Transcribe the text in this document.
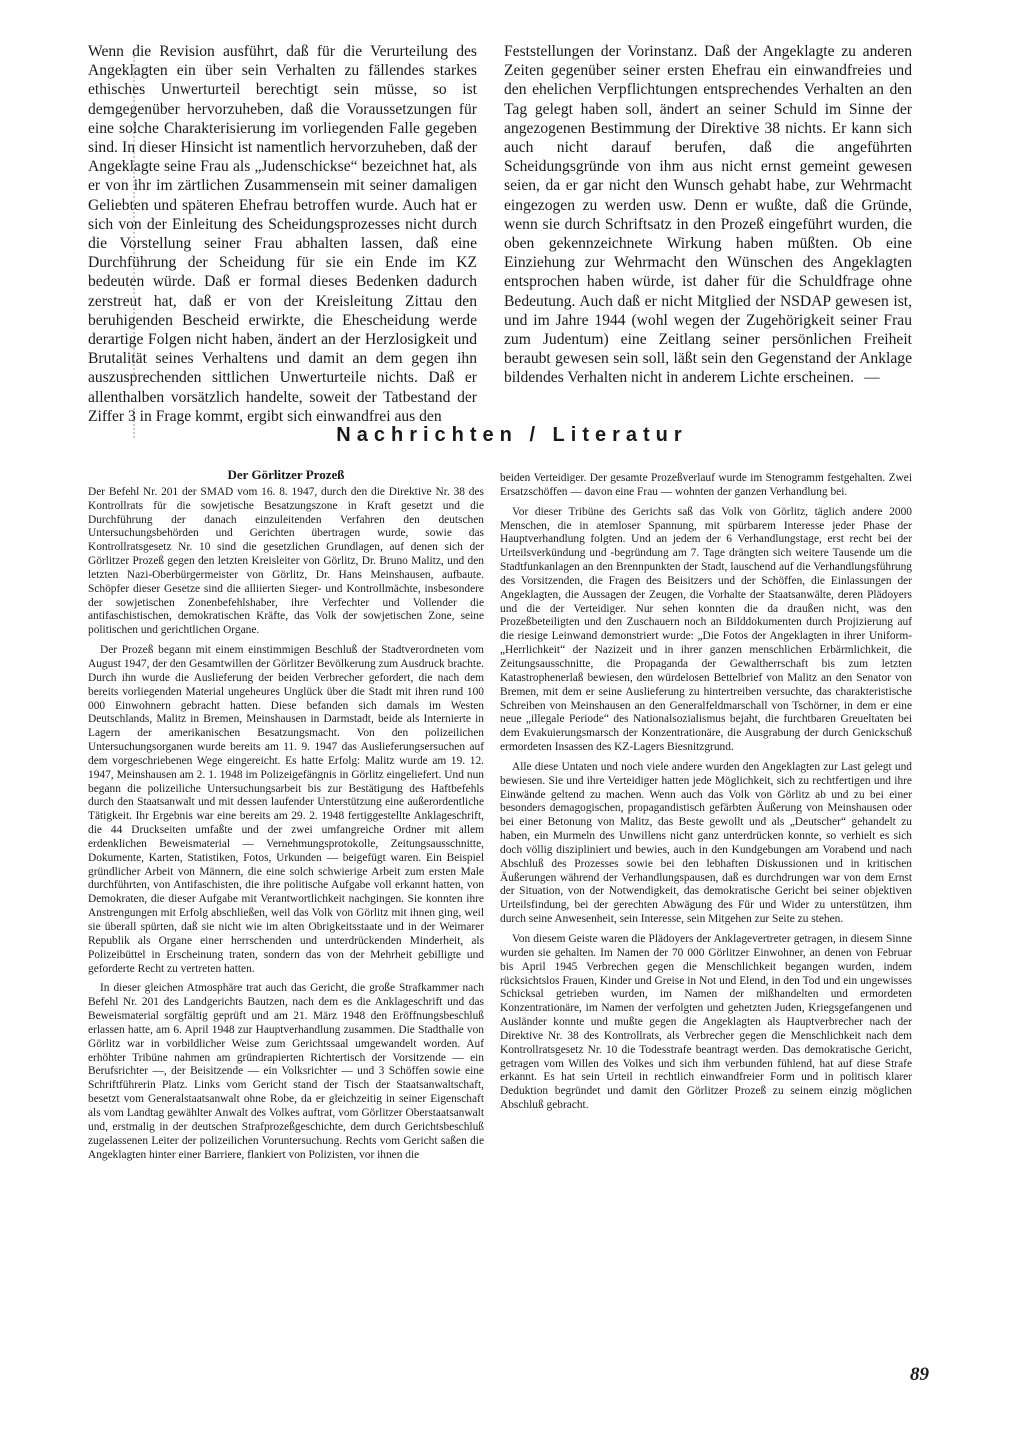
Wenn die Revision ausführt, daß für die Verurteilung des Angeklagten ein über sein Verhalten zu fällendes starkes ethisches Unwerturteil berechtigt sein müsse, so ist demgegenüber hervorzuheben, daß die Voraussetzungen für eine solche Charakterisierung im vorliegenden Falle gegeben sind. In dieser Hinsicht ist namentlich hervorzuheben, daß der Angeklagte seine Frau als „Judenschickse“ bezeichnet hat, als er von ihr im zärtlichen Zusammensein mit seiner damaligen Geliebten und späteren Ehefrau betroffen wurde. Auch hat er sich von der Einleitung des Scheidungsprozesses nicht durch die Vorstellung seiner Frau abhalten lassen, daß eine Durchführung der Scheidung für sie ein Ende im KZ bedeuten würde. Daß er formal dieses Bedenken dadurch zerstreut hat, daß er von der Kreisleitung Zittau den beruhigenden Bescheid erwirkte, die Ehescheidung werde derartige Folgen nicht haben, ändert an der Herzlosigkeit und Brutalität seines Verhaltens und damit an dem gegen ihn auszusprechenden sittlichen Unwerturteile nichts. Daß er allenthalben vorsätzlich handelte, soweit der Tatbestand der Ziffer 3 in Frage kommt, ergibt sich einwandfrei aus den

Feststellungen der Vorinstanz. Daß der Angeklagte zu anderen Zeiten gegenüber seiner ersten Ehefrau ein einwandfreies und den ehelichen Verpflichtungen entsprechendes Verhalten an den Tag gelegt haben soll, ändert an seiner Schuld im Sinne der angezogenen Bestimmung der Direktive 38 nichts. Er kann sich auch nicht darauf berufen, daß die angeführten Scheidungsgründe von ihm aus nicht ernst gemeint gewesen seien, da er gar nicht den Wunsch gehabt habe, zur Wehrmacht eingezogen zu werden usw. Denn er wußte, daß die Gründe, wenn sie durch Schriftsatz in den Prozeß eingeführt wurden, die oben gekennzeichnete Wirkung haben müßten. Ob eine Einziehung zur Wehrmacht den Wünschen des Angeklagten entsprochen haben würde, ist daher für die Schuldfrage ohne Bedeutung. Auch daß er nicht Mitglied der NSDAP gewesen ist, und im Jahre 1944 (wohl wegen der Zugehörigkeit seiner Frau zum Judentum) eine Zeitlang seiner persönlichen Freiheit beraubt gewesen sein soll, läßt sein den Gegenstand der Anklage bildendes Verhalten nicht in anderem Lichte erscheinen. —

Nachrichten / Literatur
Der Görlitzer Prozeß

Der Befehl Nr. 201 der SMAD vom 16. 8. 1947, durch den die Direktive Nr. 38 des Kontrollrats für die sowjetische Besatzungszone in Kraft gesetzt und die Durchführung der danach einzuleitenden Verfahren den deutschen Untersuchungsbehörden und Gerichten übertragen wurde, sowie das Kontrollratsgesetz Nr. 10 sind die gesetzlichen Grundlagen, auf denen sich der Görlitzer Prozeß gegen den letzten Kreisleiter von Görlitz, Dr. Bruno Malitz, und den letzten Nazi-Oberbürgermeister von Görlitz, Dr. Hans Meinshausen, aufbaute. Schöpfer dieser Gesetze sind die alliierten Sieger- und Kontrollmächte, insbesondere der sowjetischen Zonenbefehlshaber, ihre Verfechter und Vollender die antifaschistischen, demokratischen Kräfte, das Volk der sowjetischen Zone, seine politischen und gerichtlichen Organe.

Der Prozeß begann mit einem einstimmigen Beschluß der Stadtverordneten vom August 1947, der den Gesamtwillen der Görlitzer Bevölkerung zum Ausdruck brachte. Durch ihn wurde die Auslieferung der beiden Verbrecher gefordert, die nach dem bereits vorliegenden Material ungeheures Unglück über die Stadt mit ihren rund 100 000 Einwohnern gebracht hatten. Diese befanden sich damals im Westen Deutschlands, Malitz in Bremen, Meinshausen in Darmstadt, beide als Internierte in Lagern der amerikanischen Besatzungsmacht. Von den polizeilichen Untersuchungsorganen wurde bereits am 11. 9. 1947 das Auslieferungsersuchen auf dem vorgeschriebenen Wege eingereicht. Es hatte Erfolg: Malitz wurde am 19. 12. 1947, Meinshausen am 2. 1. 1948 im Polizeigefängnis in Görlitz eingeliefert. Und nun begann die polizeiliche Untersuchungsarbeit bis zur Bestätigung des Haftbefehls durch den Staatsanwalt und mit dessen laufender Unterstützung eine außerordentliche Tätigkeit. Ihr Ergebnis war eine bereits am 29. 2. 1948 fertiggestellte Anklageschrift, die 44 Druckseiten umfaßte und der zwei umfangreiche Ordner mit allem erdenklichen Beweismaterial — Vernehmungsprotokolle, Zeitungsausschnitte, Dokumente, Karten, Statistiken, Fotos, Urkunden — beigefügt waren. Ein Beispiel gründlicher Arbeit von Männern, die eine solch schwierige Arbeit zum ersten Male durchführten, von Antifaschisten, die ihre politische Aufgabe voll erkannt hatten, von Demokraten, die dieser Aufgabe mit Verantwortlichkeit nachgingen. Sie konnten ihre Anstrengungen mit Erfolg abschließen, weil das Volk von Görlitz mit ihnen ging, weil sie überall spürten, daß sie nicht wie im alten Obrigkeitsstaate und in der Weimarer Republik als Organe einer herrschenden und unterdrückenden Minderheit, als Polizeibüttel in Erscheinung traten, sondern das von der Mehrheit gebilligte und geforderte Recht zu vertreten hatten.

In dieser gleichen Atmosphäre trat auch das Gericht, die große Strafkammer nach Befehl Nr. 201 des Landgerichts Bautzen, nach dem es die Anklageschrift und das Beweismaterial sorgfältig geprüft und am 21. März 1948 den Eröffnungsbeschluß erlassen hatte, am 6. April 1948 zur Hauptverhandlung zusammen. Die Stadthalle von Görlitz war in vorbildlicher Weise zum Gerichtssaal umgewandelt worden. Auf erhöhter Tribüne nahmen am gründrapierten Richtertisch der Vorsitzende — ein Berufsrichter —, der Beisitzende — ein Volksrichter — und 3 Schöffen sowie eine Schriftführerin Platz. Links vom Gericht stand der Tisch der Staatsanwaltschaft, besetzt vom Generalstaatsanwalt ohne Robe, da er gleichzeitig in seiner Eigenschaft als vom Landtag gewählter Anwalt des Volkes auftrat, vom Görlitzer Oberstaatsanwalt und, erstmalig in der deutschen Strafprozeßgeschichte, dem durch Gerichtsbeschluß zugelassenen Leiter der polizeilichen Voruntersuchung. Rechts vom Gericht saßen die Angeklagten hinter einer Barriere, flankiert von Polizisten, vor ihnen die

beiden Verteidiger. Der gesamte Prozeßverlauf wurde im Stenogramm festgehalten. Zwei Ersatzschöffen — davon eine Frau — wohnten der ganzen Verhandlung bei.

Vor dieser Tribüne des Gerichts saß das Volk von Görlitz, täglich andere 2000 Menschen, die in atemloser Spannung, mit spürbarem Interesse jeder Phase der Hauptverhandlung folgten. Und an jedem der 6 Verhandlungstage, erst recht bei der Urteilsverkündung und -begründung am 7. Tage drängten sich weitere Tausende um die Stadtfunkanlagen an den Brennpunkten der Stadt, lauschend auf die Verhandlungsführung des Vorsitzenden, die Fragen des Beisitzers und der Schöffen, die Einlassungen der Angeklagten, die Aussagen der Zeugen, die Vorhalte der Staatsanwälte, deren Plädoyers und die der Verteidiger. Nur sehen konnten die da draußen nicht, was den Prozeßbeteiligten und den Zuschauern noch an Bilddokumenten durch Projizierung auf die riesige Leinwand demonstriert wurde: „Die Fotos der Angeklagten in ihrer Uniform-„Herrlichkeit“ der Nazizeit und in ihrer ganzen menschlichen Erbärmlichkeit, die Zeitungsausschnitte, die Propaganda der Gewaltherrschaft bis zum letzten Katastrophenerlaß bewiesen, den würdelosen Bettelbrief von Malitz an den Senator von Bremen, mit dem er seine Auslieferung zu hintertreiben versuchte, das charakteristische Schreiben von Meinshausen an den Generalfeldmarschall von Tschörner, in dem er eine neue „illegale Periode“ des Nationalsozialismus bejaht, die furchtbaren Greueltaten bei dem Evakuierungsmarsch der Konzentrationäre, die Ausgrabung der durch Genickschuß ermordeten Insassen des KZ-Lagers Biesnitzgrund.

Alle diese Untaten und noch viele andere wurden den Angeklagten zur Last gelegt und bewiesen. Sie und ihre Verteidiger hatten jede Möglichkeit, sich zu rechtfertigen und ihre Einwände geltend zu machen. Wenn auch das Volk von Görlitz ab und zu bei einer besonders demagogischen, propagandistisch gefärbten Äußerung von Meinshausen oder bei einer Betonung von Malitz, das Beste gewollt und als „Deutscher“ gehandelt zu haben, ein Murmeln des Unwillens nicht ganz unterdrücken konnte, so verhielt es sich doch völlig diszipliniert und bewies, auch in den Kundgebungen am Vorabend und nach Abschluß des Prozesses sowie bei den lebhaften Diskussionen und in kritischen Äußerungen während der Verhandlungspausen, daß es durchdrungen war von dem Ernst der Situation, von der Notwendigkeit, das demokratische Gericht bei seiner objektiven Urteilsfindung, bei der gerechten Abwägung des Für und Wider zu unterstützen, ihm durch seine Anwesenheit, sein Interesse, sein Mitgehen zur Seite zu stehen.

Von diesem Geiste waren die Plädoyers der Anklagevertreter getragen, in diesem Sinne wurden sie gehalten. Im Namen der 70 000 Görlitzer Einwohner, an denen von Februar bis April 1945 Verbrechen gegen die Menschlichkeit begangen wurden, indem rücksichtslos Frauen, Kinder und Greise in Not und Elend, in den Tod und ein ungewisses Schicksal getrieben wurden, im Namen der mißhandelten und ermordeten Konzentrationäre, im Namen der verfolgten und gehetzten Juden, Kriegsgefangenen und Ausländer konnte und mußte gegen die Angeklagten als Hauptverbrecher nach der Direktive Nr. 38 des Kontrollrats, als Verbrecher gegen die Menschlichkeit nach dem Kontrollratsgesetz Nr. 10 die Todesstrafe beantragt werden. Das demokratische Gericht, getragen vom Willen des Volkes und sich ihm verbunden fühlend, hat auf diese Strafe erkannt. Es hat sein Urteil in rechtlich einwandfreier Form und in politisch klarer Deduktion begründet und damit den Görlitzer Prozeß zu seinem einzig möglichen Abschluß gebracht.

89
